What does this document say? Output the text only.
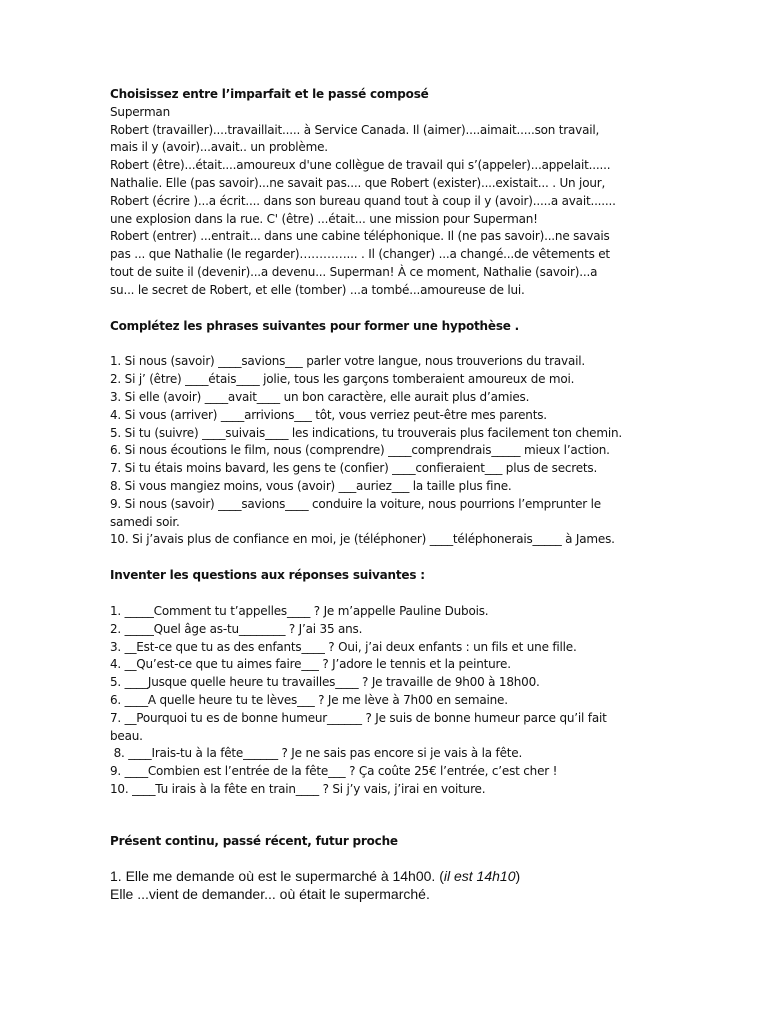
Choisissez entre l’imparfait et le passé composé

Superman

Robert (travailler)....travaillait..... à Service Canada. Il (aimer)....aimait.....son travail,

mais il y (avoir)...avait.. un problème.

Robert (être)...était....amoureux d'une collègue de travail qui s’(appeler)...appelait......

Nathalie. Elle (pas savoir)...ne savait pas.... que Robert (exister)....existait... . Un jour,

Robert (écrire )...a écrit.... dans son bureau quand tout à coup il y (avoir).....a avait.......

une explosion dans la rue. C' (être) ...était... une mission pour Superman!

Robert (entrer) ...entrait... dans une cabine téléphonique. Il (ne pas savoir)...ne savais

pas ... que Nathalie (le regarder)…………... . Il (changer) ...a changé...de vêtements et

tout de suite il (devenir)...a devenu... Superman! À ce moment, Nathalie (savoir)...a

su... le secret de Robert, et elle (tomber) ...a tombé...amoureuse de lui.

Complétez les phrases suivantes pour former une hypothèse .

1. Si nous (savoir) ____savions___ parler votre langue, nous trouverions du travail.

2. Si j’ (être) ____étais____ jolie, tous les garçons tomberaient amoureux de moi.

3. Si elle (avoir) ____avait____ un bon caractère, elle aurait plus d’amies.

4. Si vous (arriver) ____arrivions___ tôt, vous verriez peut-être mes parents.

5. Si tu (suivre) ____suivais____ les indications, tu trouverais plus facilement ton chemin.

6. Si nous écoutions le film, nous (comprendre) ____comprendrais_____ mieux l’action.

7. Si tu étais moins bavard, les gens te (confier) ____confieraient___ plus de secrets.

8. Si vous mangiez moins, vous (avoir) ___auriez___ la taille plus fine.

9. Si nous (savoir) ____savions____ conduire la voiture, nous pourrions l’emprunter le

samedi soir.

10. Si j’avais plus de confiance en moi, je (téléphoner) ____téléphonerais_____ à James.

Inventer les questions aux réponses suivantes :

1. _____Comment tu t’appelles____ ? Je m’appelle Pauline Dubois.

2. _____Quel âge as-tu________ ? J’ai 35 ans.

3. __Est-ce que tu as des enfants____ ? Oui, j’ai deux enfants : un fils et une fille.

4. __Qu’est-ce que tu aimes faire___ ? J’adore le tennis et la peinture.

5. ____Jusque quelle heure tu travailles____ ? Je travaille de 9h00 à 18h00.

6. ____A quelle heure tu te lèves___ ? Je me lève à 7h00 en semaine.

7. __Pourquoi tu es de bonne humeur______ ? Je suis de bonne humeur parce qu’il fait

beau.

8. ____Irais-tu à la fête______ ? Je ne sais pas encore si je vais à la fête.

9. ____Combien est l’entrée de la fête___ ? Ça coûte 25€ l’entrée, c’est cher !

10. ____Tu irais à la fête en train____ ? Si j’y vais, j’irai en voiture.

Présent continu, passé récent, futur proche

1. Elle me demande où est le supermarché à 14h00. (il est 14h10)

Elle ...vient de demander... où était le supermarché.
